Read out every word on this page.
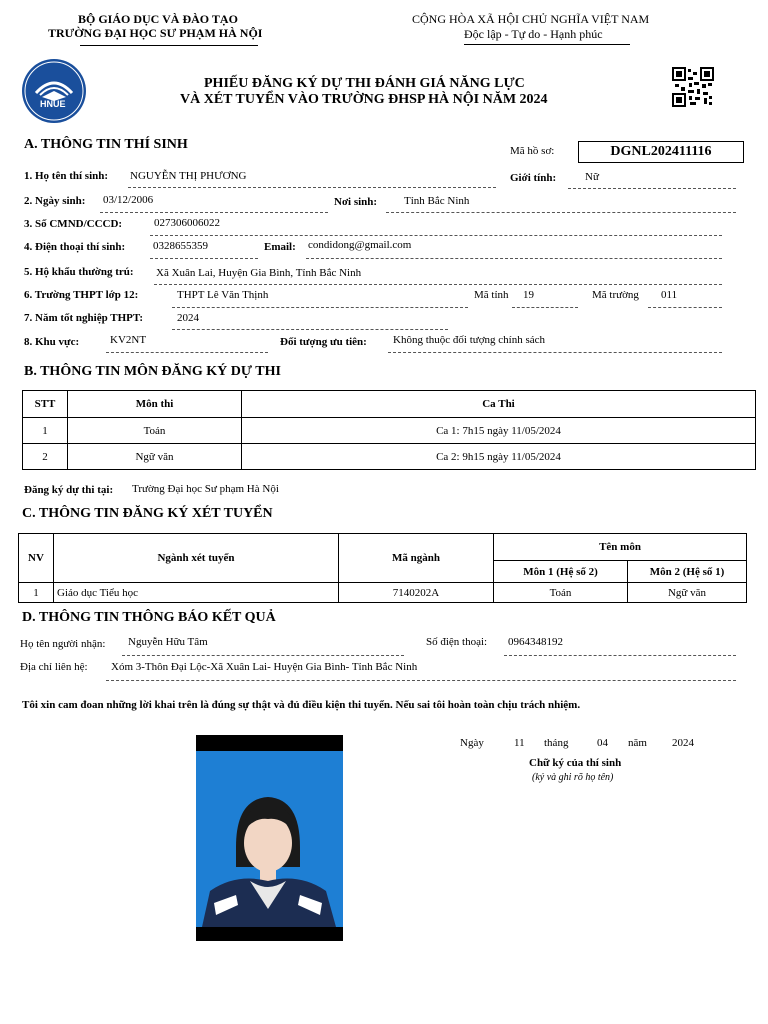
BỘ GIÁO DỤC VÀ ĐÀO TẠO
TRƯỜNG ĐẠI HỌC SƯ PHẠM HÀ NỘI
CỘNG HÒA XÃ HỘI CHỦ NGHĨA VIỆT NAM
Độc lập - Tự do - Hạnh phúc
HNUE
PHIẾU ĐĂNG KÝ DỰ THI ĐÁNH GIÁ NĂNG LỰC
VÀ XÉT TUYỂN VÀO TRƯỜNG ĐHSP HÀ NỘI NĂM 2024
A. THÔNG TIN THÍ SINH	Mã hồ sơ:	DGNL202411116
1. Họ tên thí sinh: NGUYỄN THỊ PHƯƠNG	Giới tính:	Nữ
2. Ngày sinh: 03/12/2006	Nơi sinh: Tỉnh Bắc Ninh
3. Số CMND/CCCD:	027306006022
4. Điện thoại thí sinh:	0328655359	Email: condidong@gmail.com
5. Hộ khẩu thường trú: Xã Xuân Lai, Huyện Gia Bình, Tỉnh Bắc Ninh
6. Trường THPT lớp 12:	THPT Lê Văn Thịnh	Mã tỉnh 19	Mã trường 011
7. Năm tốt nghiệp THPT:	2024
8. Khu vực:	KV2NT	Đối tượng ưu tiên: Không thuộc đối tượng chính sách
B. THÔNG TIN MÔN ĐĂNG KÝ DỰ THI
STT	Môn thi	Ca Thi
1	Toán	Ca 1: 7h15 ngày 11/05/2024
2	Ngữ văn	Ca 2: 9h15 ngày 11/05/2024
Đăng ký dự thi tại: Trường Đại học Sư phạm Hà Nội
C. THÔNG TIN ĐĂNG KÝ XÉT TUYỂN
NV	Ngành xét tuyển	Mã ngành	Tên môn	
			Môn 1 (Hệ số 2)	Môn 2 (Hệ số 1)
1	Giáo dục Tiểu học	7140202A	Toán	Ngữ văn
D. THÔNG TIN THÔNG BÁO KẾT QUẢ
Họ tên người nhận: Nguyễn Hữu Tâm	Số điện thoại: 0964348192
Địa chỉ liên hệ: Xóm 3-Thôn Đại Lộc-Xã Xuân Lai- Huyện Gia Bình- Tỉnh Bắc Ninh
Tôi xin cam đoan những lời khai trên là đúng sự thật và đủ điều kiện thi tuyển. Nếu sai tôi hoàn toàn chịu trách nhiệm.
Ngày	11 tháng	04 năm 2024
Chữ ký của thí sinh
(ký và ghi rõ họ tên)
